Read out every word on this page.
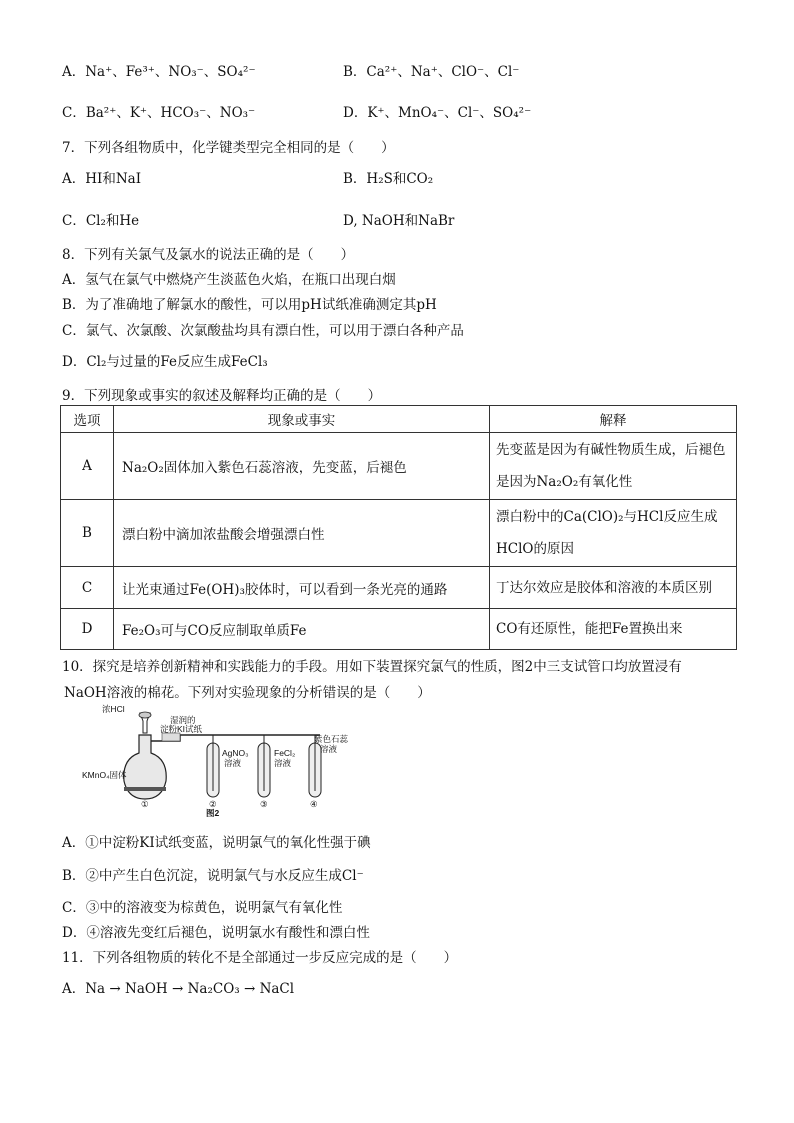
A．Na⁺、Fe³⁺、NO₃⁻、SO₄²⁻	B．Ca²⁺、Na⁺、ClO⁻、Cl⁻
C．Ba²⁺、K⁺、HCO₃⁻、NO₃⁻	D．K⁺、MnO₄⁻、Cl⁻、SO₄²⁻
7．下列各组物质中，化学键类型完全相同的是（　　）
A．HI和NaI	B．H₂S和CO₂
C．Cl₂和He	D, NaOH和NaBr
8．下列有关氯气及氯水的说法正确的是（　　）
A．氢气在氯气中燃烧产生淡蓝色火焰，在瓶口出现白烟
B．为了准确地了解氯水的酸性，可以用pH试纸准确测定其pH
C．氯气、次氯酸、次氯酸盐均具有漂白性，可以用于漂白各种产品
D．Cl₂与过量的Fe反应生成FeCl₃
9．下列现象或事实的叙述及解释均正确的是（　　）
选项	现象或事实	解释
A	Na₂O₂固体加入紫色石蕊溶液，先变蓝，后褪色	先变蓝是因为有碱性物质生成，后褪色是因为Na₂O₂有氧化性
B	漂白粉中滴加浓盐酸会增强漂白性	漂白粉中的Ca(ClO)₂与HCl反应生成HClO的原因
C	让光束通过Fe(OH)₃胶体时，可以看到一条光亮的通路	丁达尔效应是胶体和溶液的本质区别
D	Fe₂O₃可与CO反应制取单质Fe	CO有还原性，能把Fe置换出来
10．探究是培养创新精神和实践能力的手段。用如下装置探究氯气的性质，图2中三支试管口均放置浸有
NaOH溶液的棉花。下列对实验现象的分析错误的是（　　）
浓HCl
湿润的
淀粉KI试纸
KMnO₄固体
AgNO₃
溶液
FeCl₂
溶液
紫色石蕊
溶液
①	②	③	④
图2
A．①中淀粉KI试纸变蓝，说明氯气的氧化性强于碘
B．②中产生白色沉淀，说明氯气与水反应生成Cl⁻
C．③中的溶液变为棕黄色，说明氯气有氧化性
D．④溶液先变红后褪色，说明氯水有酸性和漂白性
11．下列各组物质的转化不是全部通过一步反应完成的是（　　）
A．Na → NaOH → Na₂CO₃ → NaCl
